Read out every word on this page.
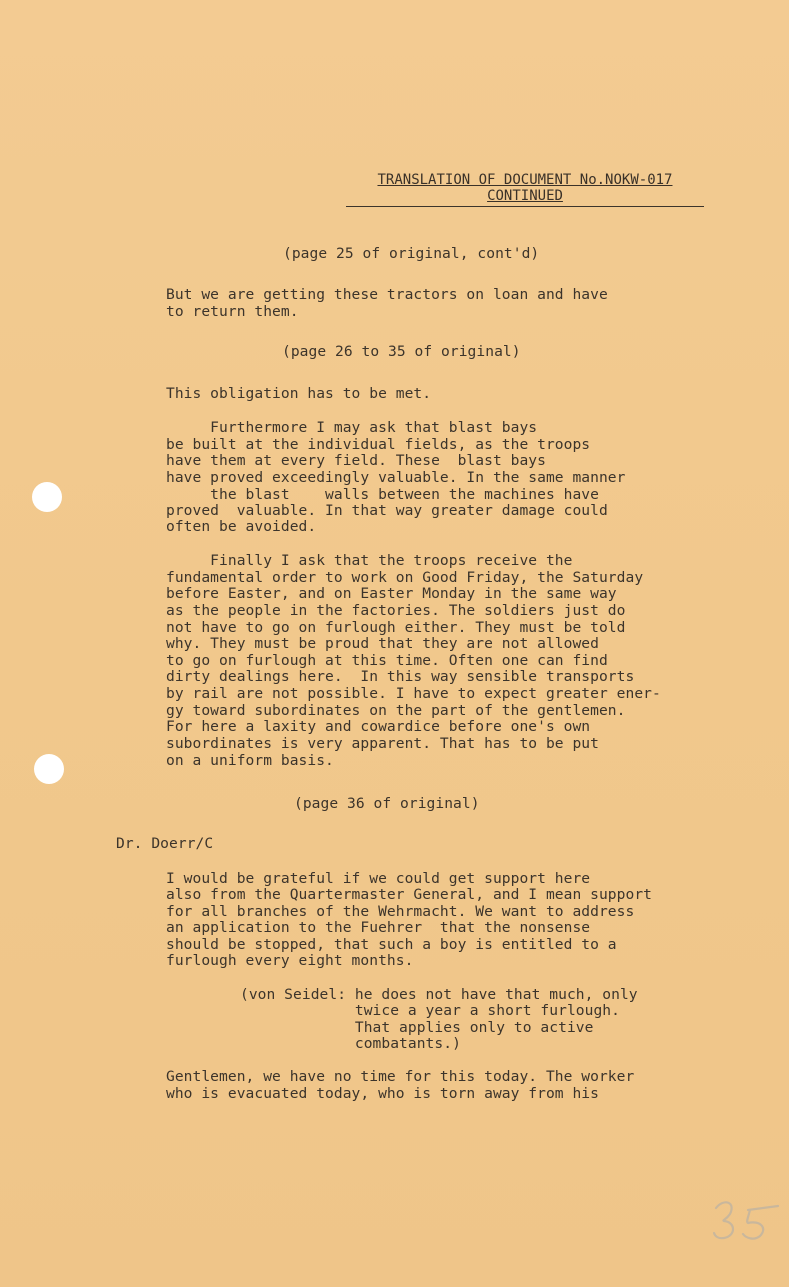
TRANSLATION OF DOCUMENT No.NOKW-017
CONTINUED
(page 25 of original, cont'd)
But we are getting these tractors on loan and have
to return them.
(page 26 to 35 of original)
This obligation has to be met.
Furthermore I may ask that blast bays
be built at the individual fields, as the troops
have them at every field. These  blast bays
have proved exceedingly valuable. In the same manner
the blast    walls between the machines have
proved  valuable. In that way greater damage could
often be avoided.
Finally I ask that the troops receive the
fundamental order to work on Good Friday, the Saturday
before Easter, and on Easter Monday in the same way
as the people in the factories. The soldiers just do
not have to go on furlough either. They must be told
why. They must be proud that they are not allowed
to go on furlough at this time. Often one can find
dirty dealings here.  In this way sensible transports
by rail are not possible. I have to expect greater ener-
gy toward subordinates on the part of the gentlemen.
For here a laxity and cowardice before one's own
subordinates is very apparent. That has to be put
on a uniform basis.
(page 36 of original)
Dr. Doerr/C
I would be grateful if we could get support here
also from the Quartermaster General, and I mean support
for all branches of the Wehrmacht. We want to address
an application to the Fuehrer  that the nonsense
should be stopped, that such a boy is entitled to a
furlough every eight months.
(von Seidel: he does not have that much, only
twice a year a short furlough.
That applies only to active
combatants.)
Gentlemen, we have no time for this today. The worker
who is evacuated today, who is torn away from his
